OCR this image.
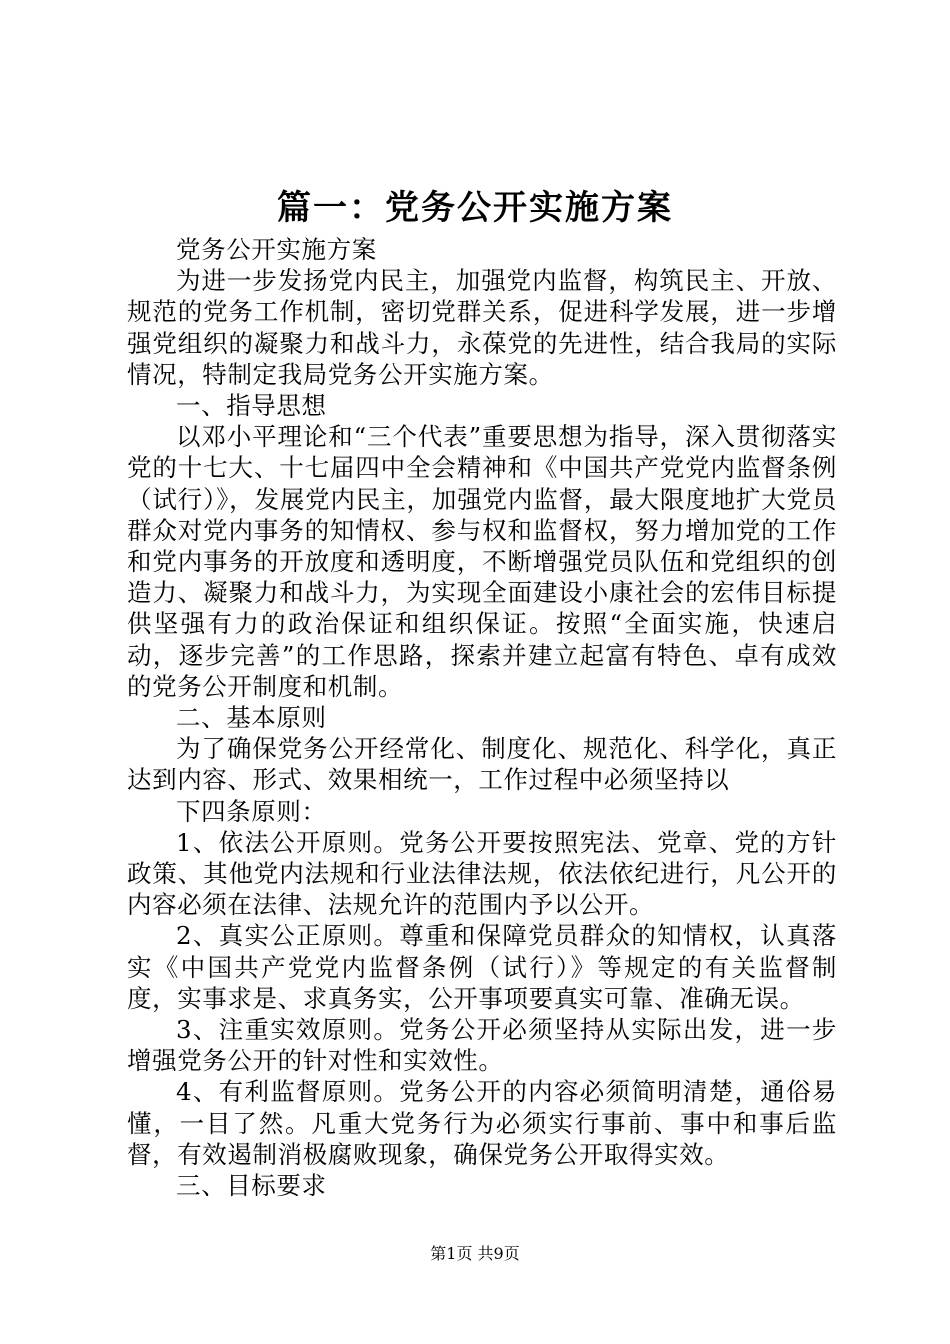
篇一：党务公开实施方案

党务公开实施方案

为进一步发扬党内民主，加强党内监督，构筑民主、开放、规范的党务工作机制，密切党群关系，促进科学发展，进一步增强党组织的凝聚力和战斗力，永葆党的先进性，结合我局的实际情况，特制定我局党务公开实施方案。

一、指导思想

以邓小平理论和“三个代表”重要思想为指导，深入贯彻落实党的十七大、十七届四中全会精神和《中国共产党党内监督条例（试行）》，发展党内民主，加强党内监督，最大限度地扩大党员群众对党内事务的知情权、参与权和监督权，努力增加党的工作和党内事务的开放度和透明度，不断增强党员队伍和党组织的创造力、凝聚力和战斗力，为实现全面建设小康社会的宏伟目标提供坚强有力的政治保证和组织保证。按照“全面实施，快速启动，逐步完善”的工作思路，探索并建立起富有特色、卓有成效的党务公开制度和机制。

二、基本原则

为了确保党务公开经常化、制度化、规范化、科学化，真正达到内容、形式、效果相统一，工作过程中必须坚持以

下四条原则：

1、依法公开原则。党务公开要按照宪法、党章、党的方针政策、其他党内法规和行业法律法规，依法依纪进行，凡公开的内容必须在法律、法规允许的范围内予以公开。

2、真实公正原则。尊重和保障党员群众的知情权，认真落实《中国共产党党内监督条例（试行）》等规定的有关监督制度，实事求是、求真务实，公开事项要真实可靠、准确无误。

3、注重实效原则。党务公开必须坚持从实际出发，进一步增强党务公开的针对性和实效性。

4、有利监督原则。党务公开的内容必须简明清楚，通俗易懂，一目了然。凡重大党务行为必须实行事前、事中和事后监督，有效遏制消极腐败现象，确保党务公开取得实效。

三、目标要求

第1页 共9页
